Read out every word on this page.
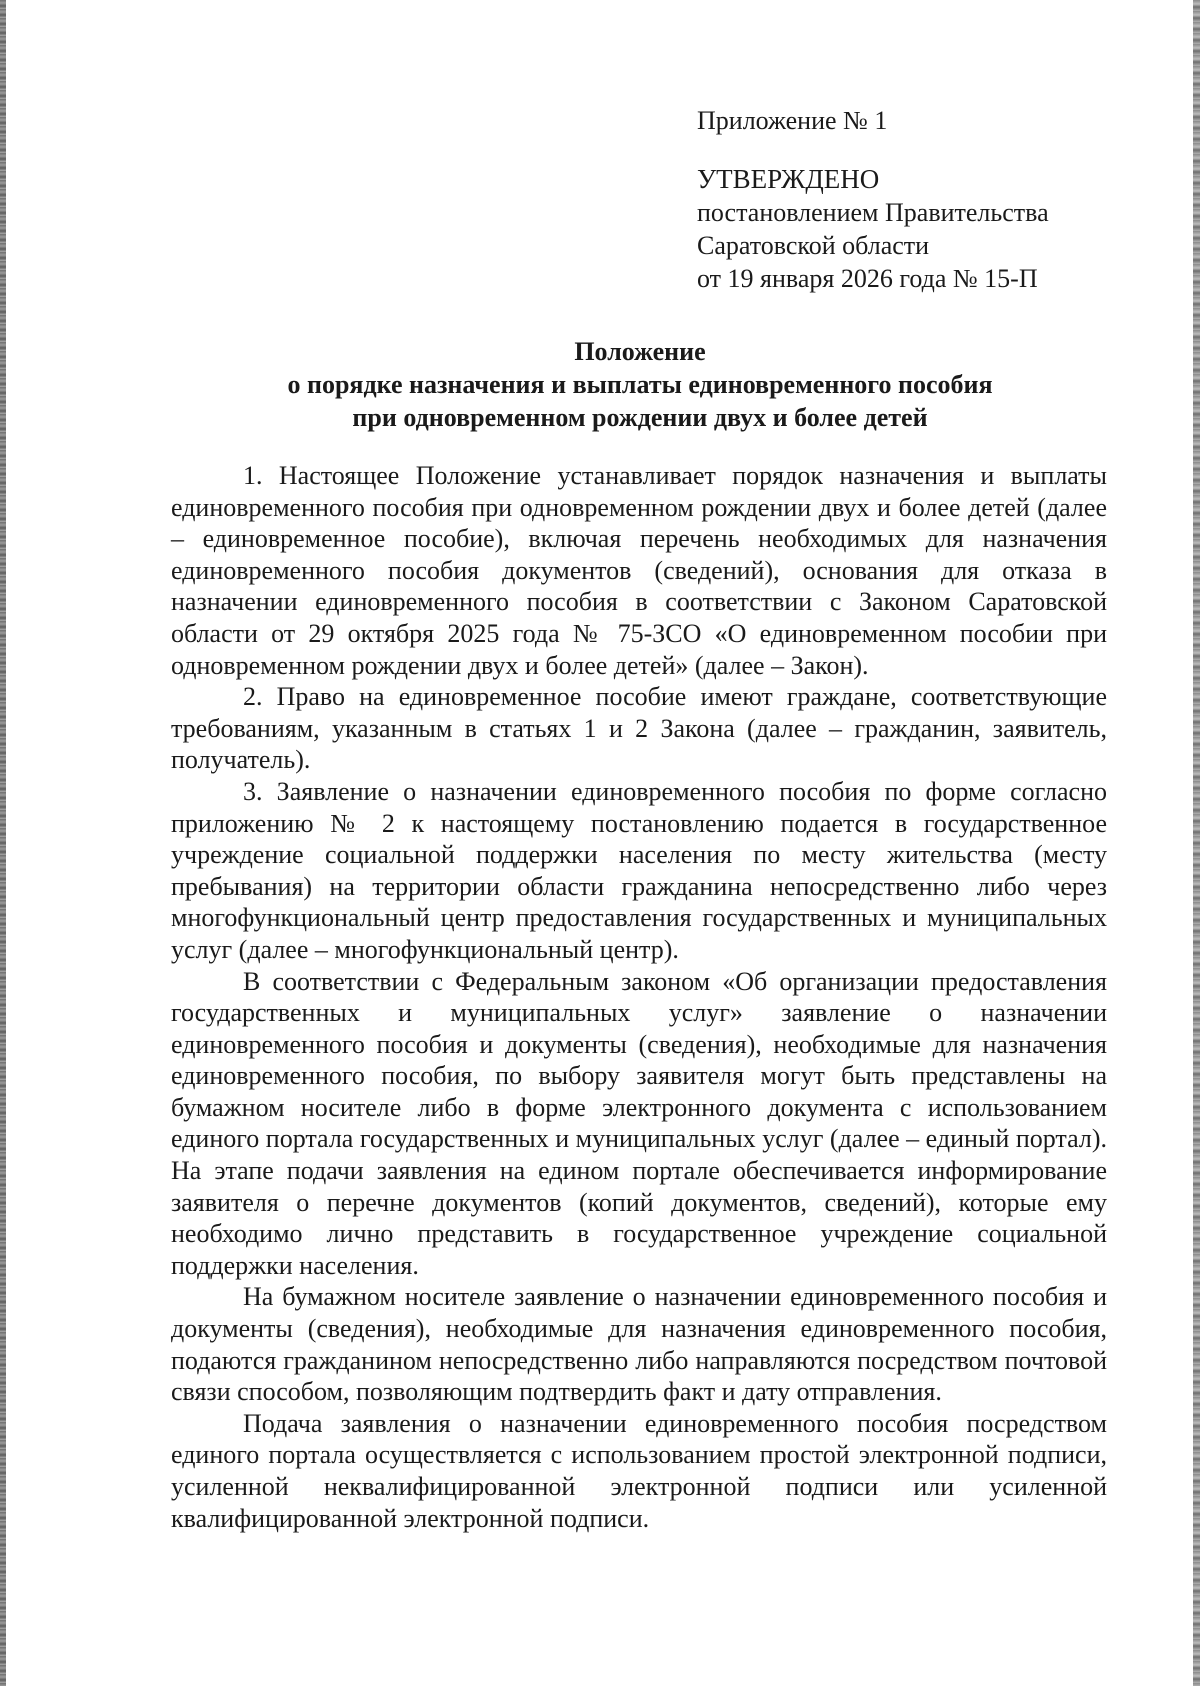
Приложение № 1
УТВЕРЖДЕНО
постановлением Правительства
Саратовской области
от 19 января 2026 года № 15-П
Положение
о порядке назначения и выплаты единовременного пособия
при одновременном рождении двух и более детей

1. Настоящее Положение устанавливает порядок назначения и выплаты единовременного пособия при одновременном рождении двух и более детей (далее – единовременное пособие), включая перечень необходимых для назначения единовременного пособия документов (сведений), основания для отказа в назначении единовременного пособия в соответствии с Законом Саратовской области от 29 октября 2025 года № 75-ЗСО «О единовременном пособии при одновременном рождении двух и более детей» (далее – Закон).

2. Право на единовременное пособие имеют граждане, соответствующие требованиям, указанным в статьях 1 и 2 Закона (далее – гражданин, заявитель, получатель).

3. Заявление о назначении единовременного пособия по форме согласно приложению № 2 к настоящему постановлению подается в государственное учреждение социальной поддержки населения по месту жительства (месту пребывания) на территории области гражданина непосредственно либо через многофункциональный центр предоставления государственных и муниципальных услуг (далее – многофункциональный центр).

В соответствии с Федеральным законом «Об организации предоставления государственных и муниципальных услуг» заявление о назначении единовременного пособия и документы (сведения), необходимые для назначения единовременного пособия, по выбору заявителя могут быть представлены на бумажном носителе либо в форме электронного документа с использованием единого портала государственных и муниципальных услуг (далее – единый портал). На этапе подачи заявления на едином портале обеспечивается информирование заявителя о перечне документов (копий документов, сведений), которые ему необходимо лично представить в государственное учреждение социальной поддержки населения.

На бумажном носителе заявление о назначении единовременного пособия и документы (сведения), необходимые для назначения единовременного пособия, подаются гражданином непосредственно либо направляются посредством почтовой связи способом, позволяющим подтвердить факт и дату отправления.

Подача заявления о назначении единовременного пособия посредством единого портала осуществляется с использованием простой электронной подписи, усиленной неквалифицированной электронной подписи или усиленной квалифицированной электронной подписи.
